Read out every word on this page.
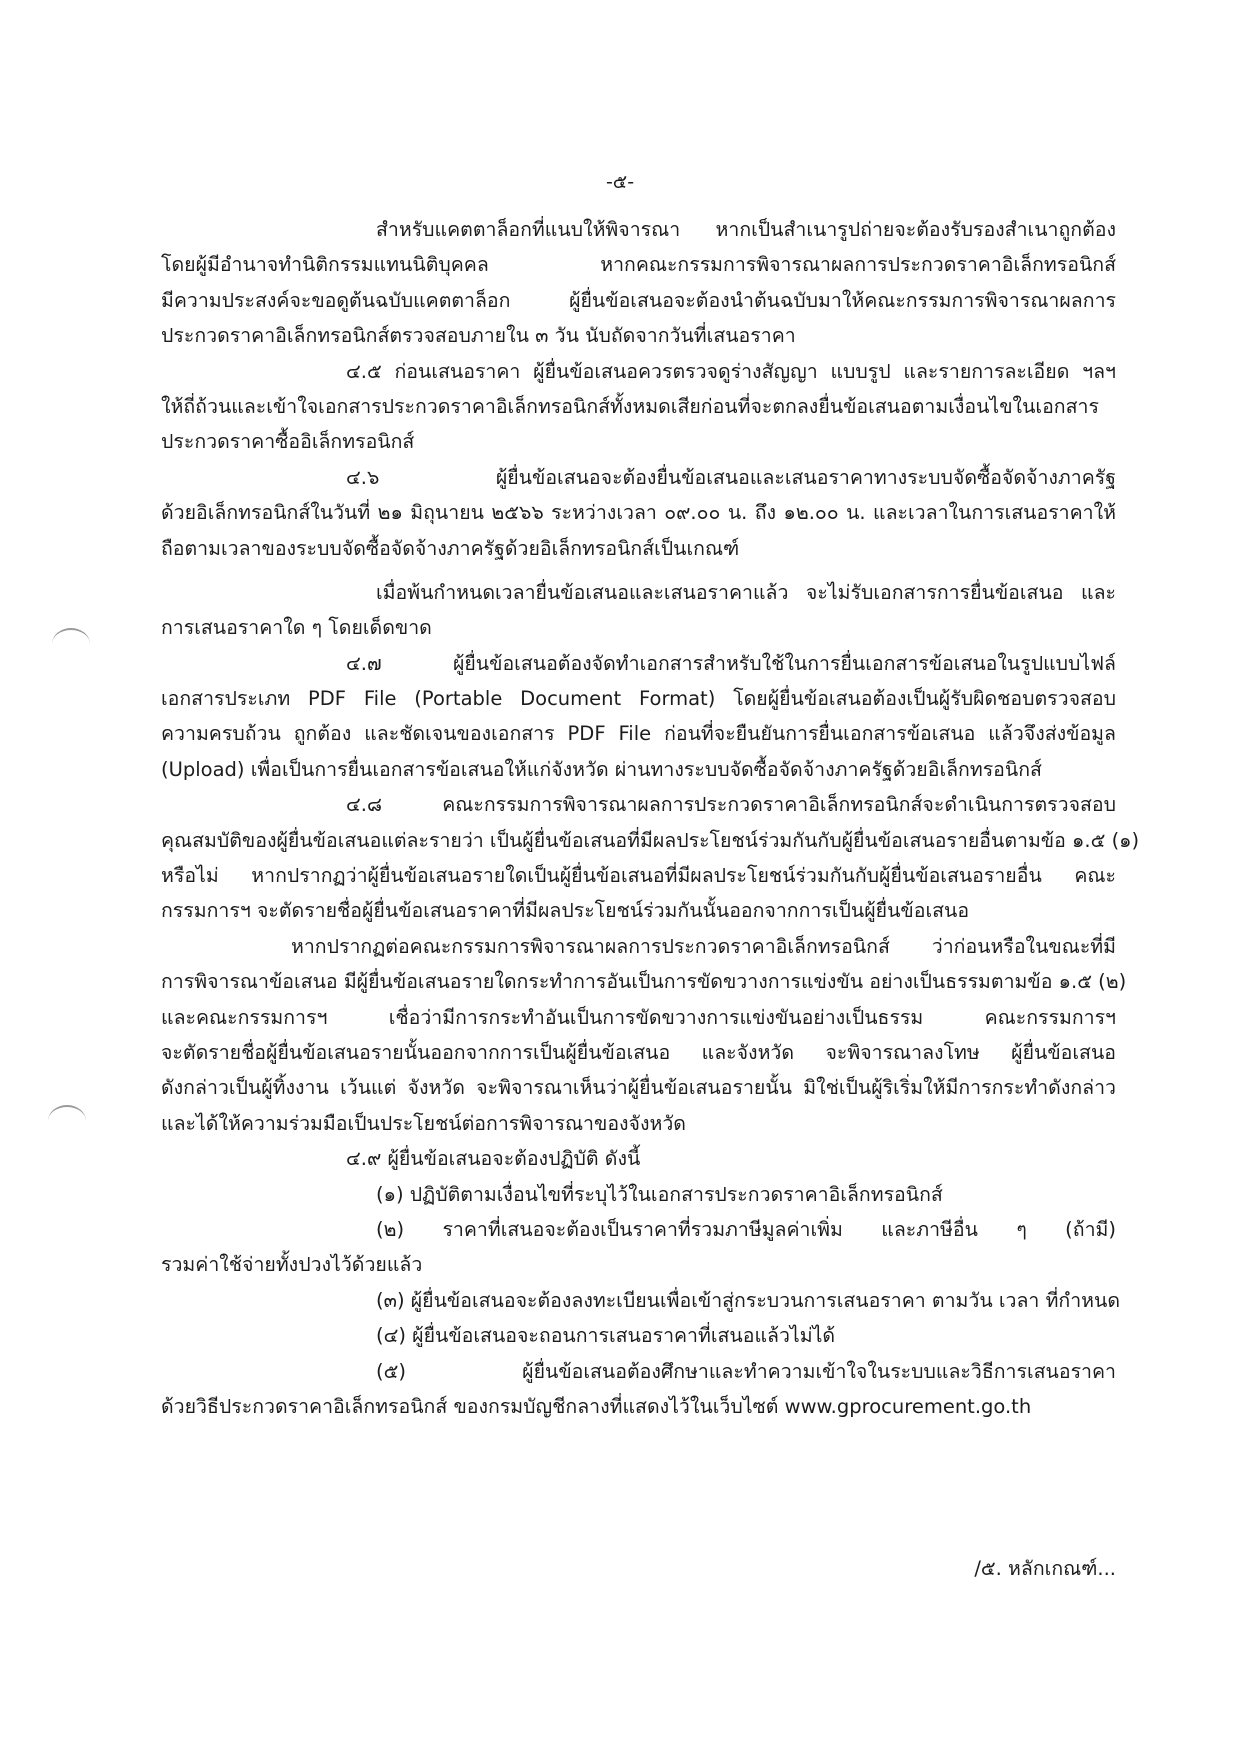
-๕-
สำหรับแคตตาล็อกที่แนบให้พิจารณา หากเป็นสำเนารูปถ่ายจะต้องรับรองสำเนาถูกต้อง
โดยผู้มีอำนาจทำนิติกรรมแทนนิติบุคคล หากคณะกรรมการพิจารณาผลการประกวดราคาอิเล็กทรอนิกส์
มีความประสงค์จะขอดูต้นฉบับแคตตาล็อก ผู้ยื่นข้อเสนอจะต้องนำต้นฉบับมาให้คณะกรรมการพิจารณาผลการ
ประกวดราคาอิเล็กทรอนิกส์ตรวจสอบภายใน ๓ วัน นับถัดจากวันที่เสนอราคา
๔.๕ ก่อนเสนอราคา ผู้ยื่นข้อเสนอควรตรวจดูร่างสัญญา แบบรูป และรายการละเอียด ฯลฯ
ให้ถี่ถ้วนและเข้าใจเอกสารประกวดราคาอิเล็กทรอนิกส์ทั้งหมดเสียก่อนที่จะตกลงยื่นข้อเสนอตามเงื่อนไขในเอกสาร
ประกวดราคาซื้ออิเล็กทรอนิกส์
๔.๖ ผู้ยื่นข้อเสนอจะต้องยื่นข้อเสนอและเสนอราคาทางระบบจัดซื้อจัดจ้างภาครัฐ
ด้วยอิเล็กทรอนิกส์ในวันที่ ๒๑ มิถุนายน ๒๕๖๖ ระหว่างเวลา ๐๙.๐๐ น. ถึง ๑๒.๐๐ น. และเวลาในการเสนอราคาให้
ถือตามเวลาของระบบจัดซื้อจัดจ้างภาครัฐด้วยอิเล็กทรอนิกส์เป็นเกณฑ์
เมื่อพ้นกำหนดเวลายื่นข้อเสนอและเสนอราคาแล้ว จะไม่รับเอกสารการยื่นข้อเสนอ และ
การเสนอราคาใด ๆ โดยเด็ดขาด
๔.๗ ผู้ยื่นข้อเสนอต้องจัดทำเอกสารสำหรับใช้ในการยื่นเอกสารข้อเสนอในรูปแบบไฟล์
เอกสารประเภท PDF File (Portable Document Format) โดยผู้ยื่นข้อเสนอต้องเป็นผู้รับผิดชอบตรวจสอบ
ความครบถ้วน ถูกต้อง และชัดเจนของเอกสาร PDF File ก่อนที่จะยืนยันการยื่นเอกสารข้อเสนอ แล้วจึงส่งข้อมูล
(Upload) เพื่อเป็นการยื่นเอกสารข้อเสนอให้แก่จังหวัด ผ่านทางระบบจัดซื้อจัดจ้างภาครัฐด้วยอิเล็กทรอนิกส์
๔.๘ คณะกรรมการพิจารณาผลการประกวดราคาอิเล็กทรอนิกส์จะดำเนินการตรวจสอบ
คุณสมบัติของผู้ยื่นข้อเสนอแต่ละรายว่า เป็นผู้ยื่นข้อเสนอที่มีผลประโยชน์ร่วมกันกับผู้ยื่นข้อเสนอรายอื่นตามข้อ ๑.๕ (๑)
หรือไม่ หากปรากฏว่าผู้ยื่นข้อเสนอรายใดเป็นผู้ยื่นข้อเสนอที่มีผลประโยชน์ร่วมกันกับผู้ยื่นข้อเสนอรายอื่น คณะ
กรรมการฯ จะตัดรายชื่อผู้ยื่นข้อเสนอราคาที่มีผลประโยชน์ร่วมกันนั้นออกจากการเป็นผู้ยื่นข้อเสนอ
หากปรากฏต่อคณะกรรมการพิจารณาผลการประกวดราคาอิเล็กทรอนิกส์ ว่าก่อนหรือในขณะที่มี
การพิจารณาข้อเสนอ มีผู้ยื่นข้อเสนอรายใดกระทำการอันเป็นการขัดขวางการแข่งขัน อย่างเป็นธรรมตามข้อ ๑.๕ (๒)
และคณะกรรมการฯ เชื่อว่ามีการกระทำอันเป็นการขัดขวางการแข่งขันอย่างเป็นธรรม คณะกรรมการฯ
จะตัดรายชื่อผู้ยื่นข้อเสนอรายนั้นออกจากการเป็นผู้ยื่นข้อเสนอ และจังหวัด จะพิจารณาลงโทษ ผู้ยื่นข้อเสนอ
ดังกล่าวเป็นผู้ทิ้งงาน เว้นแต่ จังหวัด จะพิจารณาเห็นว่าผู้ยื่นข้อเสนอรายนั้น มิใช่เป็นผู้ริเริ่มให้มีการกระทำดังกล่าว
และได้ให้ความร่วมมือเป็นประโยชน์ต่อการพิจารณาของจังหวัด
๔.๙ ผู้ยื่นข้อเสนอจะต้องปฏิบัติ ดังนี้
(๑) ปฏิบัติตามเงื่อนไขที่ระบุไว้ในเอกสารประกวดราคาอิเล็กทรอนิกส์
(๒) ราคาที่เสนอจะต้องเป็นราคาที่รวมภาษีมูลค่าเพิ่ม และภาษีอื่น ๆ (ถ้ามี)
รวมค่าใช้จ่ายทั้งปวงไว้ด้วยแล้ว
(๓) ผู้ยื่นข้อเสนอจะต้องลงทะเบียนเพื่อเข้าสู่กระบวนการเสนอราคา ตามวัน เวลา ที่กำหนด
(๔) ผู้ยื่นข้อเสนอจะถอนการเสนอราคาที่เสนอแล้วไม่ได้
(๕) ผู้ยื่นข้อเสนอต้องศึกษาและทำความเข้าใจในระบบและวิธีการเสนอราคา
ด้วยวิธีประกวดราคาอิเล็กทรอนิกส์ ของกรมบัญชีกลางที่แสดงไว้ในเว็บไซต์ www.gprocurement.go.th
/๕. หลักเกณฑ์...
